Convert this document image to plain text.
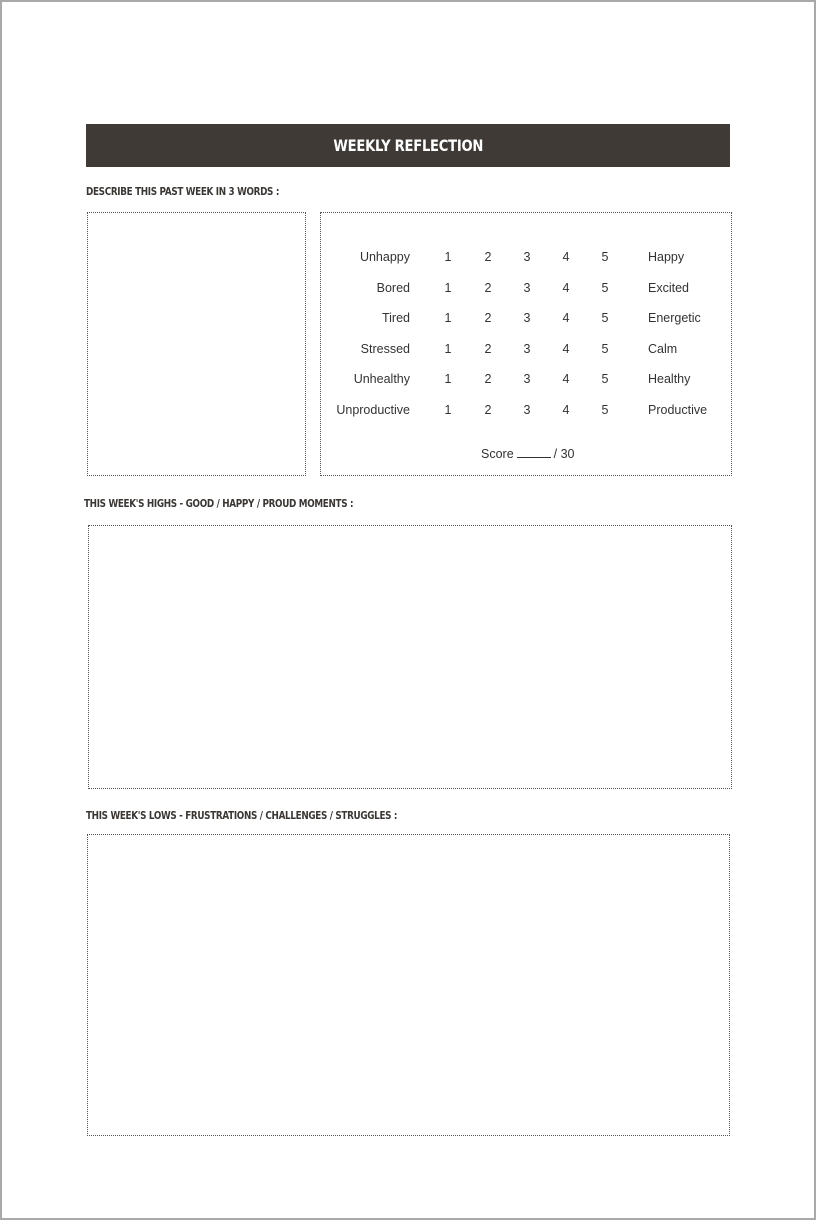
WEEKLY REFLECTION
DESCRIBE THIS PAST WEEK IN 3 WORDS :
Unhappy	1	2	3	4	5	Happy
Bored	1	2	3	4	5	Excited
Tired	1	2	3	4	5	Energetic
Stressed	1	2	3	4	5	Calm
Unhealthy	1	2	3	4	5	Healthy
Unproductive	1	2	3	4	5	Productive
Score	/ 30
THIS WEEK'S HIGHS - GOOD / HAPPY / PROUD MOMENTS :
THIS WEEK'S LOWS - FRUSTRATIONS / CHALLENGES / STRUGGLES :
